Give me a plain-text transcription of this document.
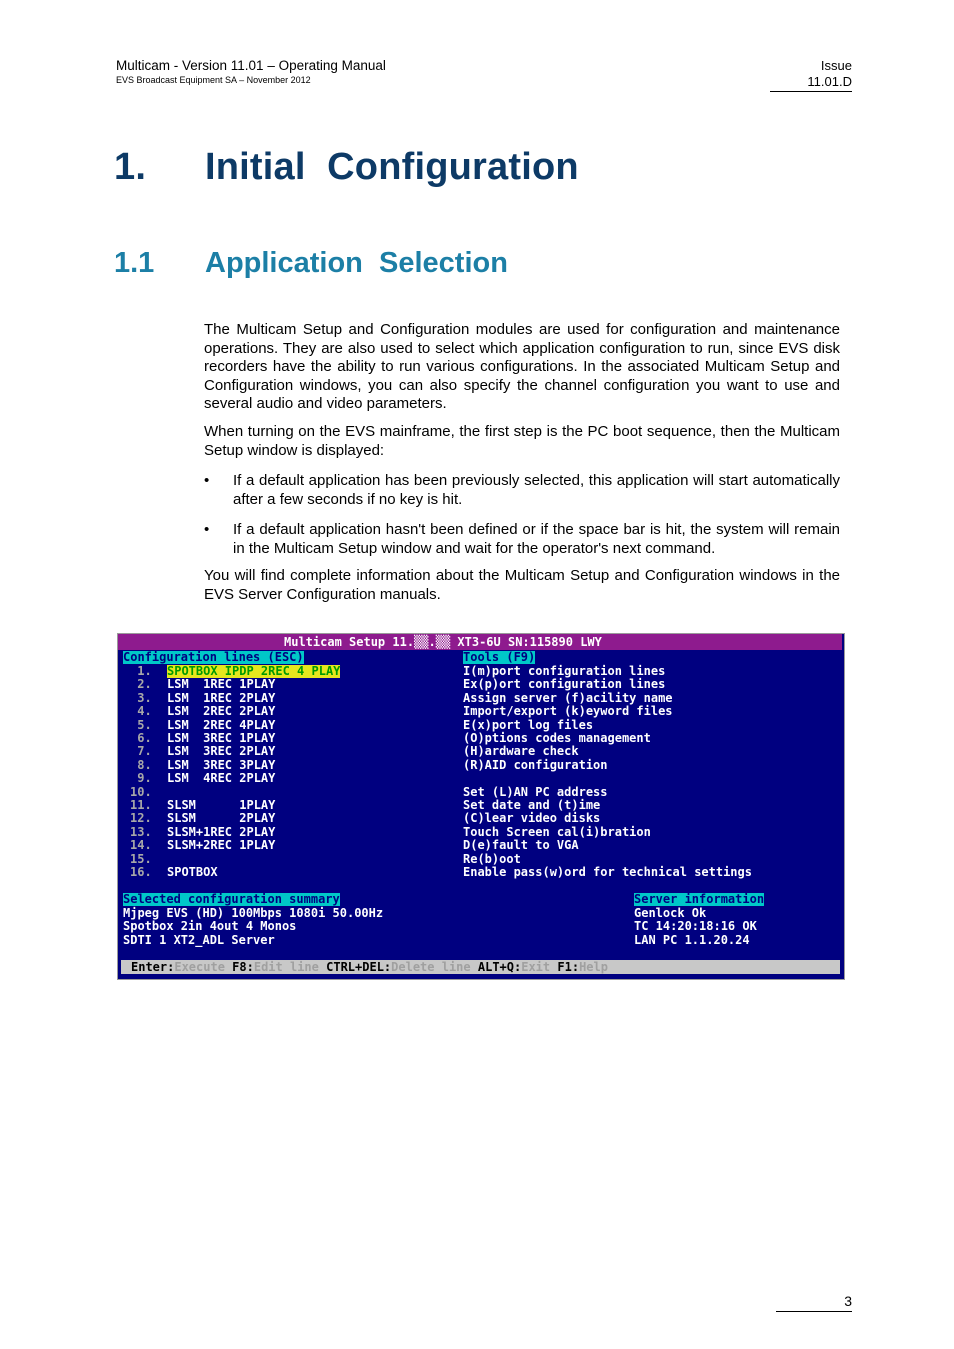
Multicam - Version 11.01 – Operating Manual
EVS Broadcast Equipment SA – November 2012
Issue
11.01.D
1. Initial  Configuration
1.1 Application  Selection

The Multicam Setup and Configuration modules are used for configuration and maintenance operations. They are also used to select which application configuration to run, since EVS disk recorders have the ability to run various configurations. In the associated Multicam Setup and Configuration windows, you can also specify the channel configuration you want to use and several audio and video parameters.

When turning on the EVS mainframe, the first step is the PC boot sequence, then the Multicam Setup window is displayed:

• If a default application has been previously selected, this application will start automatically after a few seconds if no key is hit.
• If a default application hasn't been defined or if the space bar is hit, the system will remain in the Multicam Setup window and wait for the operator's next command.

You will find complete information about the Multicam Setup and Configuration windows in the EVS Server Configuration manuals.

Multicam Setup 11.▒▒.▒▒ XT3-6U SN:115890 LWY
Configuration lines (ESC)	Tools (F9)
1. SPOTBOX IPDP 2REC 4 PLAY
2. LSM  1REC 1PLAY
3. LSM  1REC 2PLAY
4. LSM  2REC 2PLAY
5. LSM  2REC 4PLAY
6. LSM  3REC 1PLAY
7. LSM  3REC 2PLAY
8. LSM  3REC 3PLAY
9. LSM  4REC 2PLAY
10.
11. SLSM      1PLAY
12. SLSM      2PLAY
13. SLSM+1REC 2PLAY
14. SLSM+2REC 1PLAY
15.
16. SPOTBOX
I(m)port configuration lines
Ex(p)ort configuration lines
Assign server (f)acility name
Import/export (k)eyword files
E(x)port log files
(O)ptions codes management
(H)ardware check
(R)AID configuration
Set (L)AN PC address
Set date and (t)ime
(C)lear video disks
Touch Screen cal(i)bration
D(e)fault to VGA
Re(b)oot
Enable pass(w)ord for technical settings
Selected configuration summary
Mjpeg EVS (HD) 100Mbps 1080i 50.00Hz
Spotbox 2in 4out 4 Monos
SDTI 1 XT2_ADL Server
Server information
Genlock Ok
TC 14:20:18:16 OK
LAN PC 1.1.20.24
Enter:Execute F8:Edit line CTRL+DEL:Delete line ALT+Q:Exit F1:Help
3
